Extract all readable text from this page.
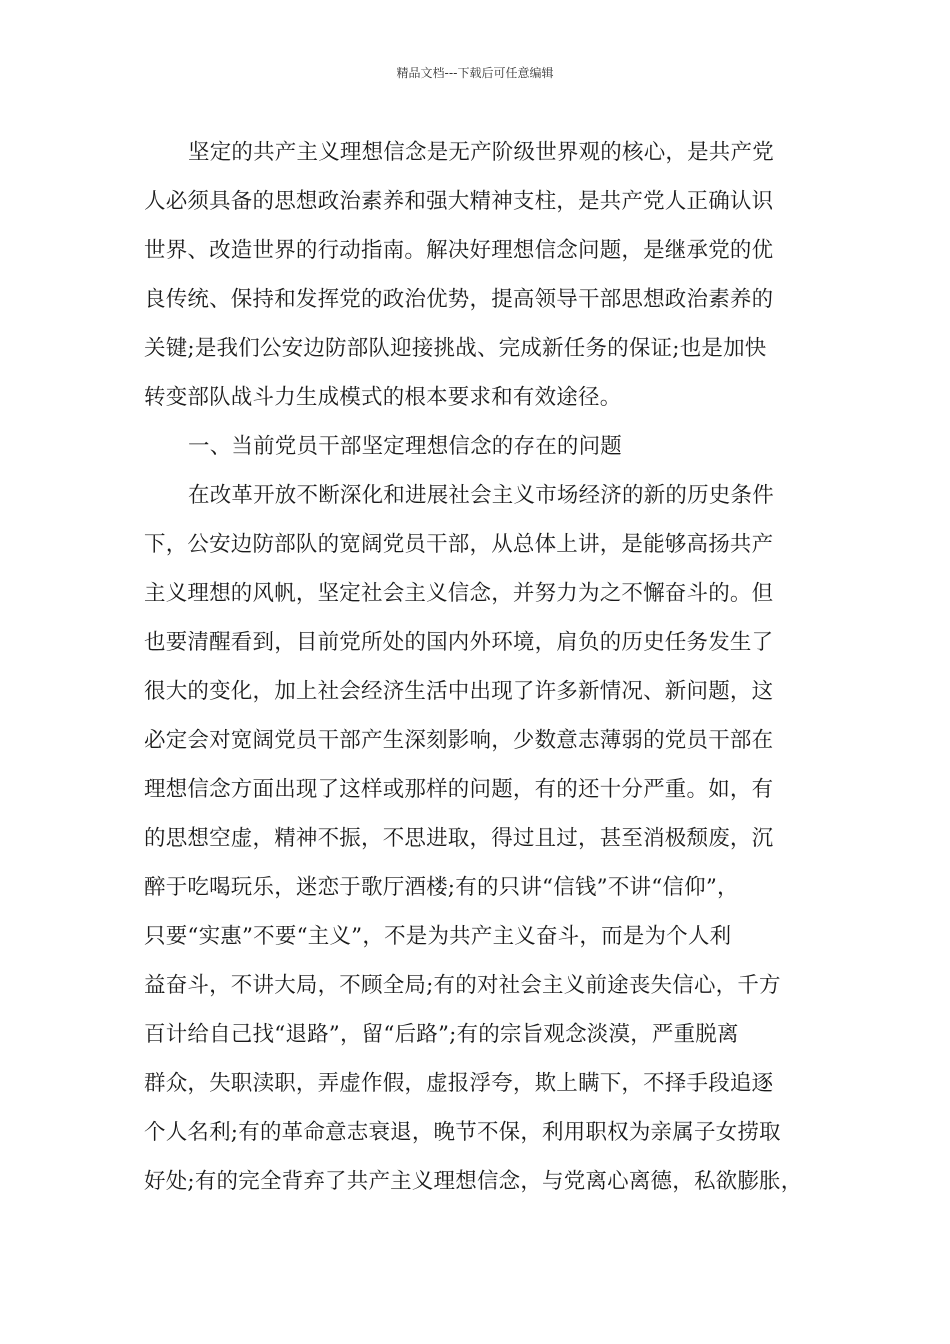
精品文档---下载后可任意编辑
坚定的共产主义理想信念是无产阶级世界观的核心，是共产党
人必须具备的思想政治素养和强大精神支柱，是共产党人正确认识
世界、改造世界的行动指南。解决好理想信念问题，是继承党的优
良传统、保持和发挥党的政治优势，提高领导干部思想政治素养的
关键;是我们公安边防部队迎接挑战、完成新任务的保证;也是加快
转变部队战斗力生成模式的根本要求和有效途径。
一、当前党员干部坚定理想信念的存在的问题
在改革开放不断深化和进展社会主义市场经济的新的历史条件
下，公安边防部队的宽阔党员干部，从总体上讲，是能够高扬共产
主义理想的风帆，坚定社会主义信念，并努力为之不懈奋斗的。但
也要清醒看到，目前党所处的国内外环境，肩负的历史任务发生了
很大的变化，加上社会经济生活中出现了许多新情况、新问题，这
必定会对宽阔党员干部产生深刻影响，少数意志薄弱的党员干部在
理想信念方面出现了这样或那样的问题，有的还十分严重。如，有
的思想空虚，精神不振，不思进取，得过且过，甚至消极颓废，沉
醉于吃喝玩乐，迷恋于歌厅酒楼;有的只讲“信钱”不讲“信仰”，
只要“实惠”不要“主义”，不是为共产主义奋斗，而是为个人利
益奋斗，不讲大局，不顾全局;有的对社会主义前途丧失信心，千方
百计给自己找“退路”，留“后路”;有的宗旨观念淡漠，严重脱离
群众，失职渎职，弄虚作假，虚报浮夸，欺上瞒下，不择手段追逐
个人名利;有的革命意志衰退，晚节不保，利用职权为亲属子女捞取
好处;有的完全背弃了共产主义理想信念，与党离心离德，私欲膨胀，
